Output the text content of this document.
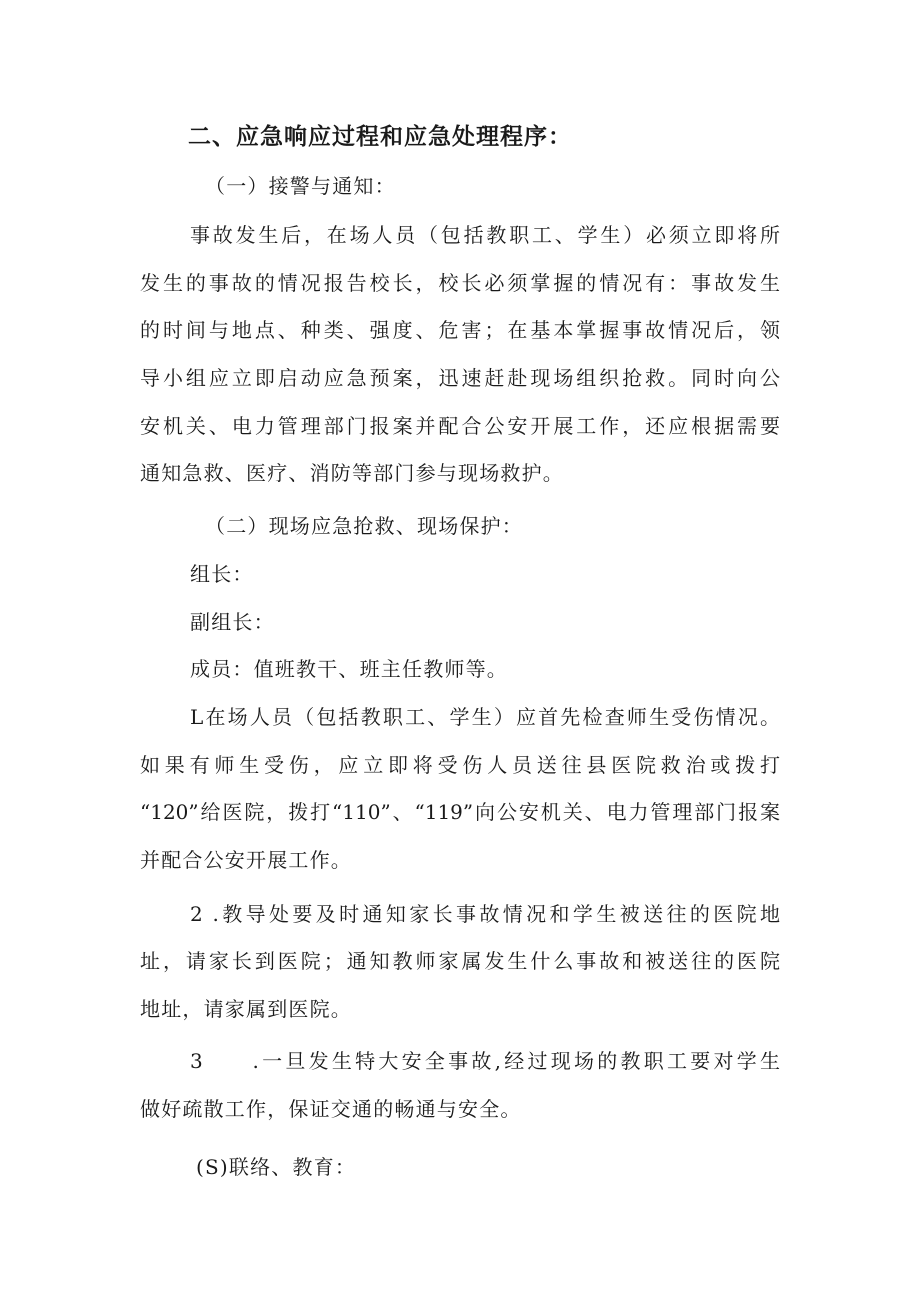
二、应急响应过程和应急处理程序：
（一）接警与通知：
事故发生后，在场人员（包括教职工、学生）必须立即将所
发生的事故的情况报告校长，校长必须掌握的情况有：事故发生
的时间与地点、种类、强度、危害；在基本掌握事故情况后，领
导小组应立即启动应急预案，迅速赶赴现场组织抢救。同时向公
安机关、电力管理部门报案并配合公安开展工作，还应根据需要
通知急救、医疗、消防等部门参与现场救护。
（二）现场应急抢救、现场保护：
组长：
副组长：
成员：值班教干、班主任教师等。
L在场人员（包括教职工、学生）应首先检查师生受伤情况。
如果有师生受伤，应立即将受伤人员送往县医院救治或拨打
“120”给医院，拨打“110”、“119”向公安机关、电力管理部门报案
并配合公安开展工作。
2 .教导处要及时通知家长事故情况和学生被送往的医院地
址，请家长到医院；通知教师家属发生什么事故和被送往的医院
地址，请家属到医院。
3　　.一旦发生特大安全事故,经过现场的教职工要对学生
做好疏散工作，保证交通的畅通与安全。
(S)联络、教育：
